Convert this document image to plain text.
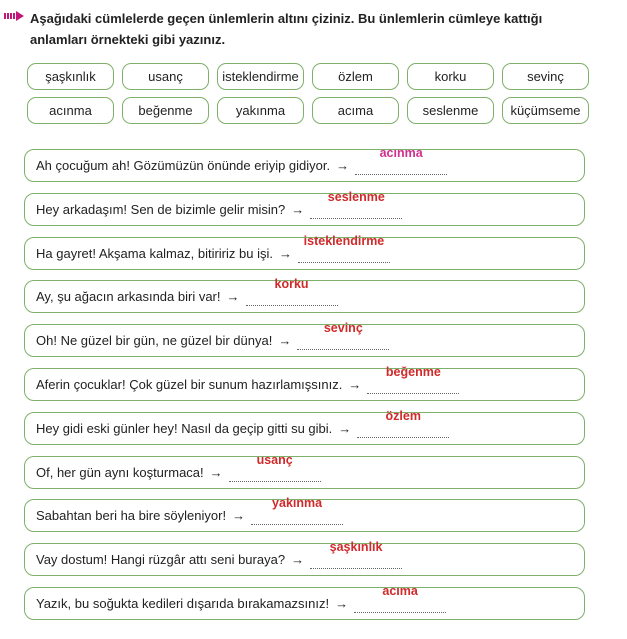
Aşağıdaki cümlelerde geçen ünlemlerin altını çiziniz. Bu ünlemlerin cümleye kattığı anlamları örnekteki gibi yazınız.
şaşkınlık	usanç	isteklendirme	özlem	korku	sevinç
acınma	beğenme	yakınma	acıma	seslenme	küçümseme
Ah çocuğum ah! Gözümüzün önünde eriyip gidiyor. →
acınma
Hey arkadaşım! Sen de bizimle gelir misin? →
seslenme
Ha gayret! Akşama kalmaz, bitiririz bu işi. →
isteklendirme
Ay, şu ağacın arkasında biri var! →
korku
Oh! Ne güzel bir gün, ne güzel bir dünya! →
sevinç
Aferin çocuklar! Çok güzel bir sunum hazırlamışsınız. →
beğenme
Hey gidi eski günler hey! Nasıl da geçip gitti su gibi. →
özlem
Of, her gün aynı koşturmaca! →
usanç
Sabahtan beri ha bire söyleniyor! →
yakınma
Vay dostum! Hangi rüzgâr attı seni buraya? →
şaşkınlık
Yazık, bu soğukta kedileri dışarıda bırakamazsınız! →
acıma
